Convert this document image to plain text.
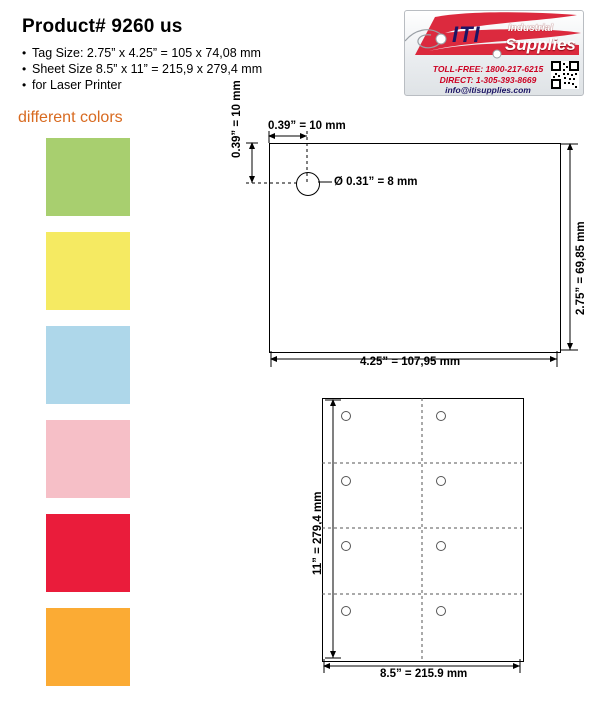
Product# 9260 us
• Tag Size: 2.75” x 4.25” = 105 x 74,08 mm
• Sheet Size 8.5” x 11” = 215,9 x 279,4 mm
• for Laser Printer
ITI	Industrial
Supplies
TOLL-FREE: 1800-217-6215
DIRECT: 1-305-393-8669
info@itisupplies.com
different colors
Ø 0.31” = 8 mm
0.39” = 10 mm
0.39” = 10 mm
2.75” = 69,85 mm
4.25” = 107,95 mm
11” = 279,4 mm
8.5” = 215.9 mm
